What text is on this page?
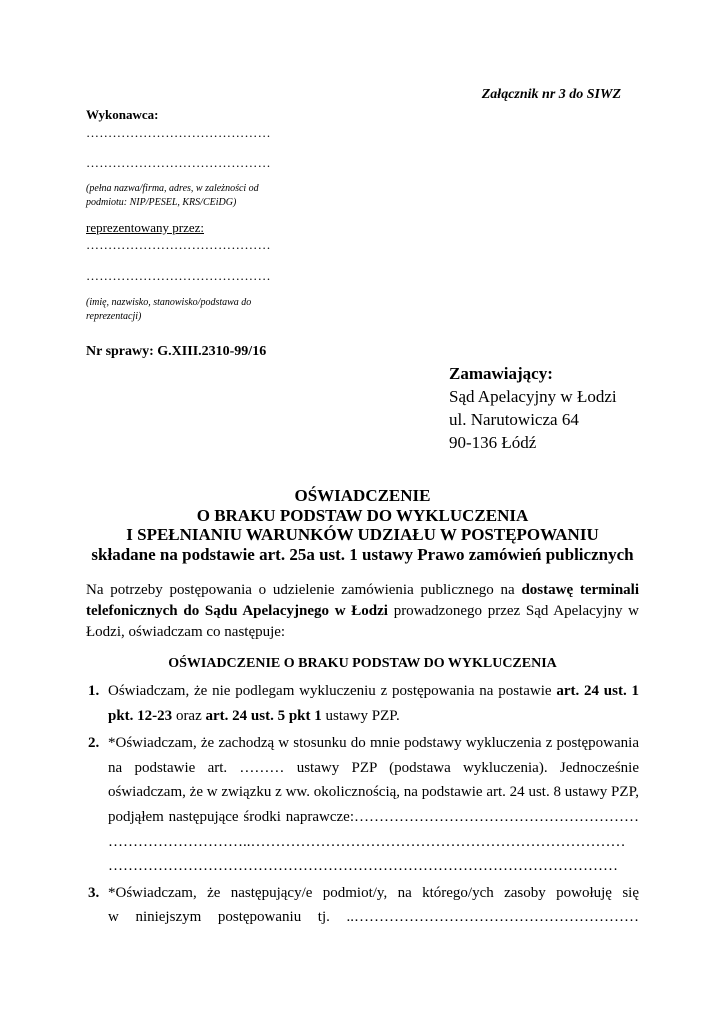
Załącznik nr 3 do SIWZ
Wykonawca:
……………………………………
……………………………………
(pełna nazwa/firma, adres, w zależności od podmiotu: NIP/PESEL, KRS/CEiDG)
reprezentowany przez:
……………………………………
……………………………………
(imię, nazwisko, stanowisko/podstawa do reprezentacji)
Nr sprawy: G.XIII.2310-99/16
Zamawiający:
Sąd Apelacyjny w Łodzi
ul. Narutowicza 64
90-136 Łódź
OŚWIADCZENIE
O BRAKU PODSTAW DO WYKLUCZENIA
I SPEŁNIANIU WARUNKÓW UDZIAŁU W POSTĘPOWANIU
składane na podstawie art. 25a ust. 1 ustawy Prawo zamówień publicznych
Na potrzeby postępowania o udzielenie zamówienia publicznego na dostawę terminali telefonicznych do Sądu Apelacyjnego w Łodzi prowadzonego przez Sąd Apelacyjny w Łodzi, oświadczam co następuje:
OŚWIADCZENIE O BRAKU PODSTAW DO WYKLUCZENIA
1. Oświadczam, że nie podlegam wykluczeniu z postępowania na postawie art. 24 ust. 1
pkt. 12-23 oraz art. 24 ust. 5 pkt 1 ustawy PZP.
2. *Oświadczam, że zachodzą w stosunku do mnie podstawy wykluczenia z postępowania
na podstawie art. ……… ustawy PZP (podstawa wykluczenia). Jednocześnie
oświadczam, że w związku z ww. okolicznością, na podstawie art. 24 ust. 8 ustawy PZP,
podjąłem następujące środki naprawcze:…………………………………………………
………………………..…………………………………………………………………
…………………………………………………………………………………………
3. *Oświadczam, że następujący/e podmiot/y, na którego/ych zasoby powołuję się
w niniejszym postępowaniu tj. ..…………………………………………………
